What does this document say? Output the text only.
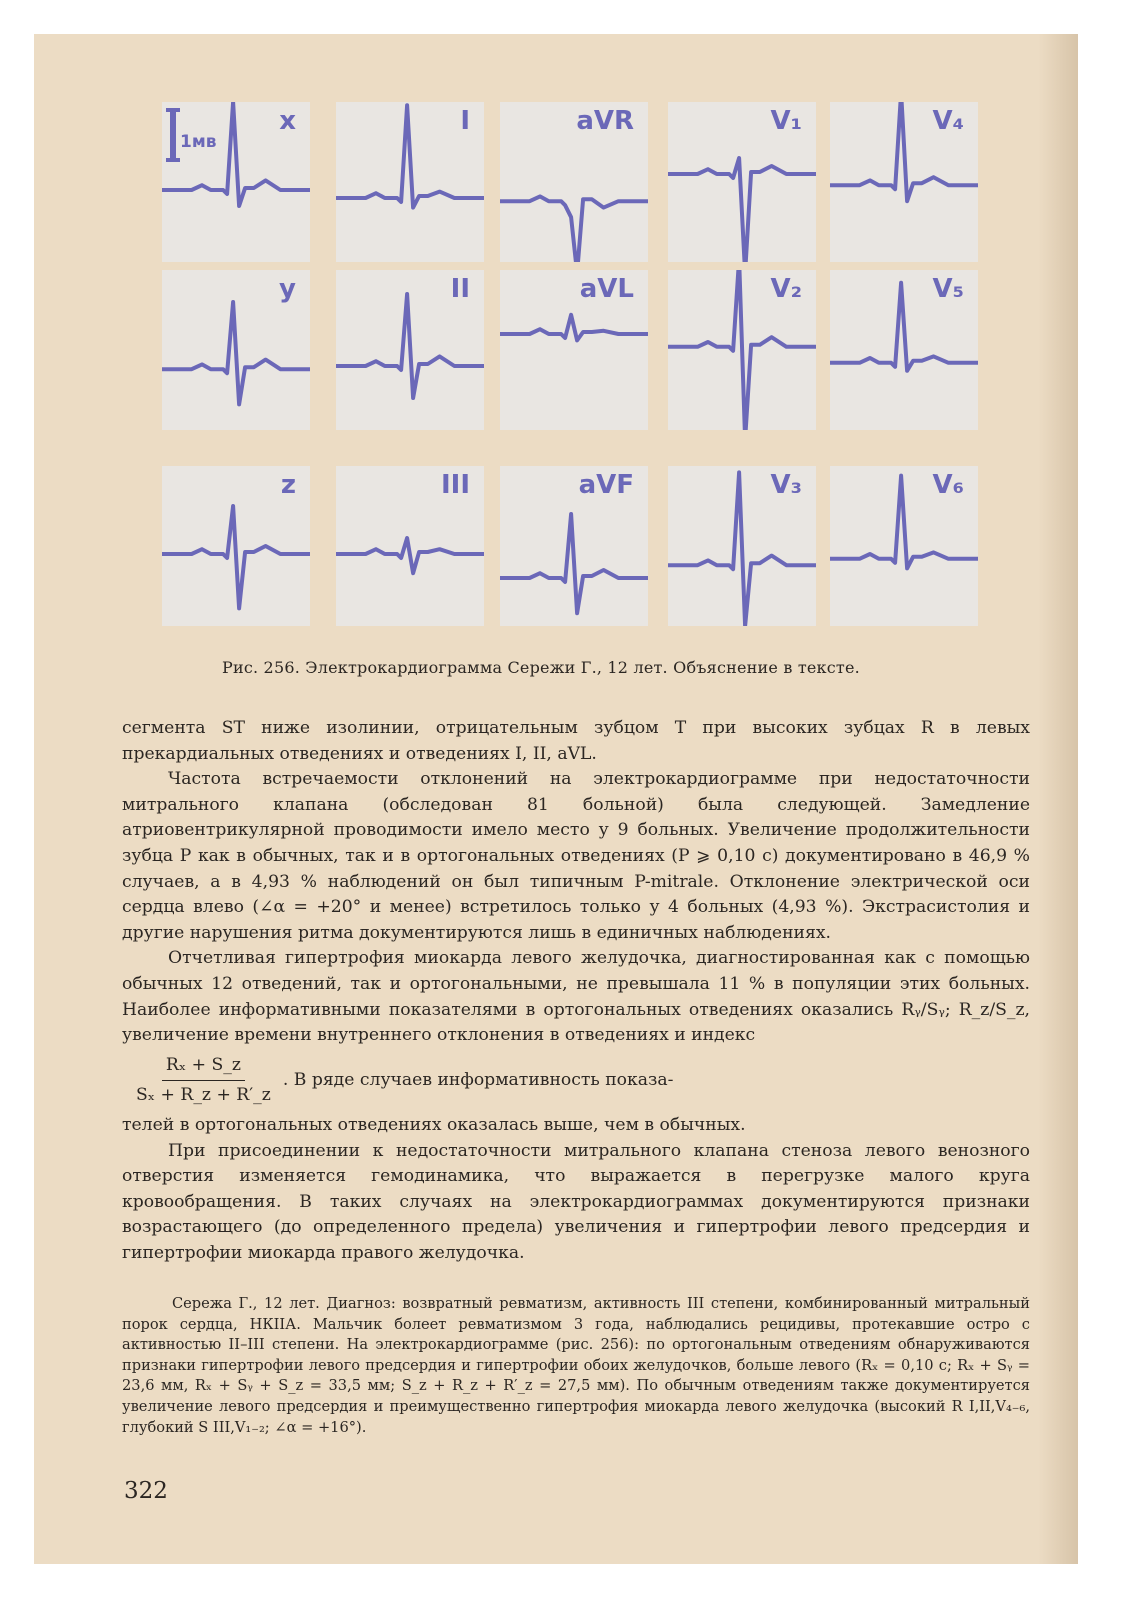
х
1мв
I	aVR	V₁	V₄
у	II	aVL	V₂	V₅
z	III	aVF	V₃	V₆
Рис. 256. Электрокардиограмма Сережи Г., 12 лет. Объяснение в тексте.

сегмента ST ниже изолинии, отрицательным зубцом T при высоких зубцах R в левых прекардиальных отведениях и отведениях I, II, aVL.

Частота встречаемости отклонений на электрокардиограмме при недостаточности митрального клапана (обследован 81 больной) была следующей. Замедление атриовентрикулярной проводимости имело место у 9 больных. Увеличение продолжительности зубца P как в обычных, так и в ортогональных отведениях (P ⩾ 0,10 с) документировано в 46,9 % случаев, а в 4,93 % наблюдений он был типичным P-mitrale. Отклонение электрической оси сердца влево (∠α = +20° и менее) встретилось только у 4 больных (4,93 %). Экстрасистолия и другие нарушения ритма документируются лишь в единичных наблюдениях.

Отчетливая гипертрофия миокарда левого желудочка, диагностированная как с помощью обычных 12 отведений, так и ортогональными, не превышала 11 % в популяции этих больных. Наиболее информативными показателями в ортогональных отведениях оказались Rᵧ/Sᵧ; R_z/S_z, увеличение времени внутреннего отклонения в отведениях и индекс

$\frac{\text{Rₓ + S\_z}}{\text{Sₓ + R\_z + R′\_z}}$ . В ряде случаев информативность показа-

телей в ортогональных отведениях оказалась выше, чем в обычных.

При присоединении к недостаточности митрального клапана стеноза левого венозного отверстия изменяется гемодинамика, что выражается в перегрузке малого круга кровообращения. В таких случаях на электрокардиограммах документируются признаки возрастающего (до определенного предела) увеличения и гипертрофии левого предсердия и гипертрофии миокарда правого желудочка.

Сережа Г., 12 лет. Диагноз: возвратный ревматизм, активность III степени, комбинированный митральный порок сердца, НКIIА. Мальчик болеет ревматизмом 3 года, наблюдались рецидивы, протекавшие остро с активностью II–III степени. На электрокардиограмме (рис. 256): по ортогональным отведениям обнаруживаются признаки гипертрофии левого предсердия и гипертрофии обоих желудочков, больше левого (Rₓ = 0,10 с; Rₓ + Sᵧ = 23,6 мм, Rₓ + Sᵧ + S_z = 33,5 мм; S_z + R_z + R′_z = 27,5 мм). По обычным отведениям также документируется увеличение левого предсердия и преимущественно гипертрофия миокарда левого желудочка (высокий R I,II,V₄₋₆, глубокий S III,V₁₋₂; ∠α = +16°).

322
